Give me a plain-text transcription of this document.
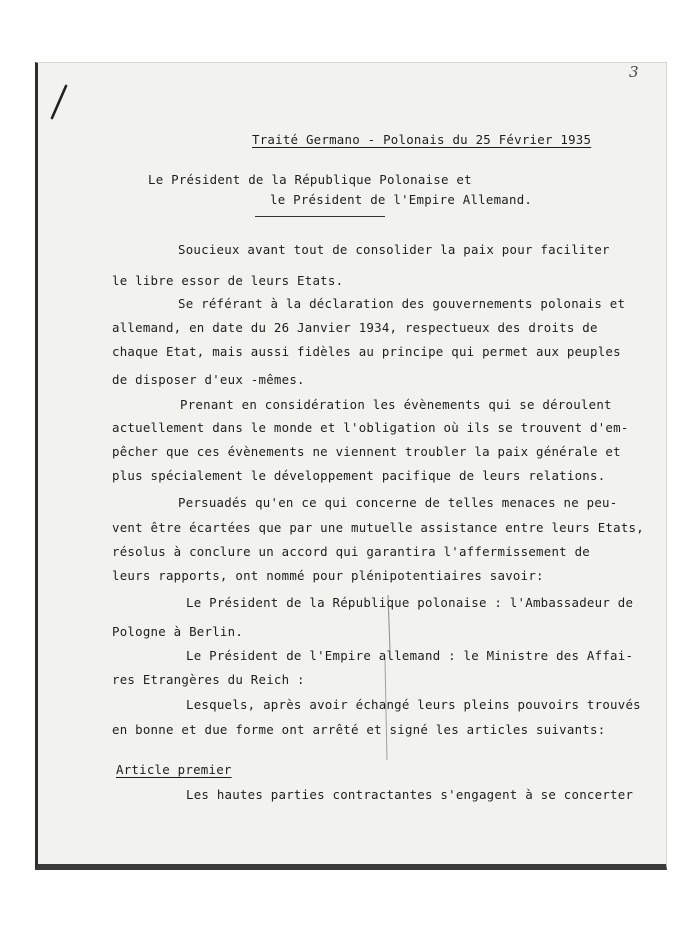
3
Traité Germano - Polonais du 25 Février 1935
Le Président de la République Polonaise et
le Président de l'Empire Allemand.
Soucieux avant tout de consolider la paix pour faciliter
le libre essor de leurs Etats.
Se référant à la déclaration des gouvernements polonais et
allemand, en date du 26 Janvier 1934, respectueux des droits de
chaque Etat, mais aussi fidèles au principe qui permet aux peuples
de disposer d'eux -mêmes.
Prenant en considération les évènements qui se déroulent
actuellement dans le monde et l'obligation où ils se trouvent d'em-
pêcher que ces évènements ne viennent troubler la paix générale et
plus spécialement le développement pacifique de leurs relations.
Persuadés qu'en ce qui concerne de telles menaces ne peu-
vent être écartées que par une mutuelle assistance entre leurs Etats,
résolus à conclure un accord qui garantira l'affermissement de
leurs rapports, ont nommé pour plénipotentiaires savoir:
Le Président de la République polonaise : l'Ambassadeur de
Pologne à Berlin.
Le Président de l'Empire allemand : le Ministre des Affai-
res Etrangères du Reich :
Lesquels, après avoir échangé leurs pleins pouvoirs trouvés
en bonne et due forme ont arrêté et signé les articles suivants:
Article premier
Les hautes parties contractantes s'engagent à se concerter
